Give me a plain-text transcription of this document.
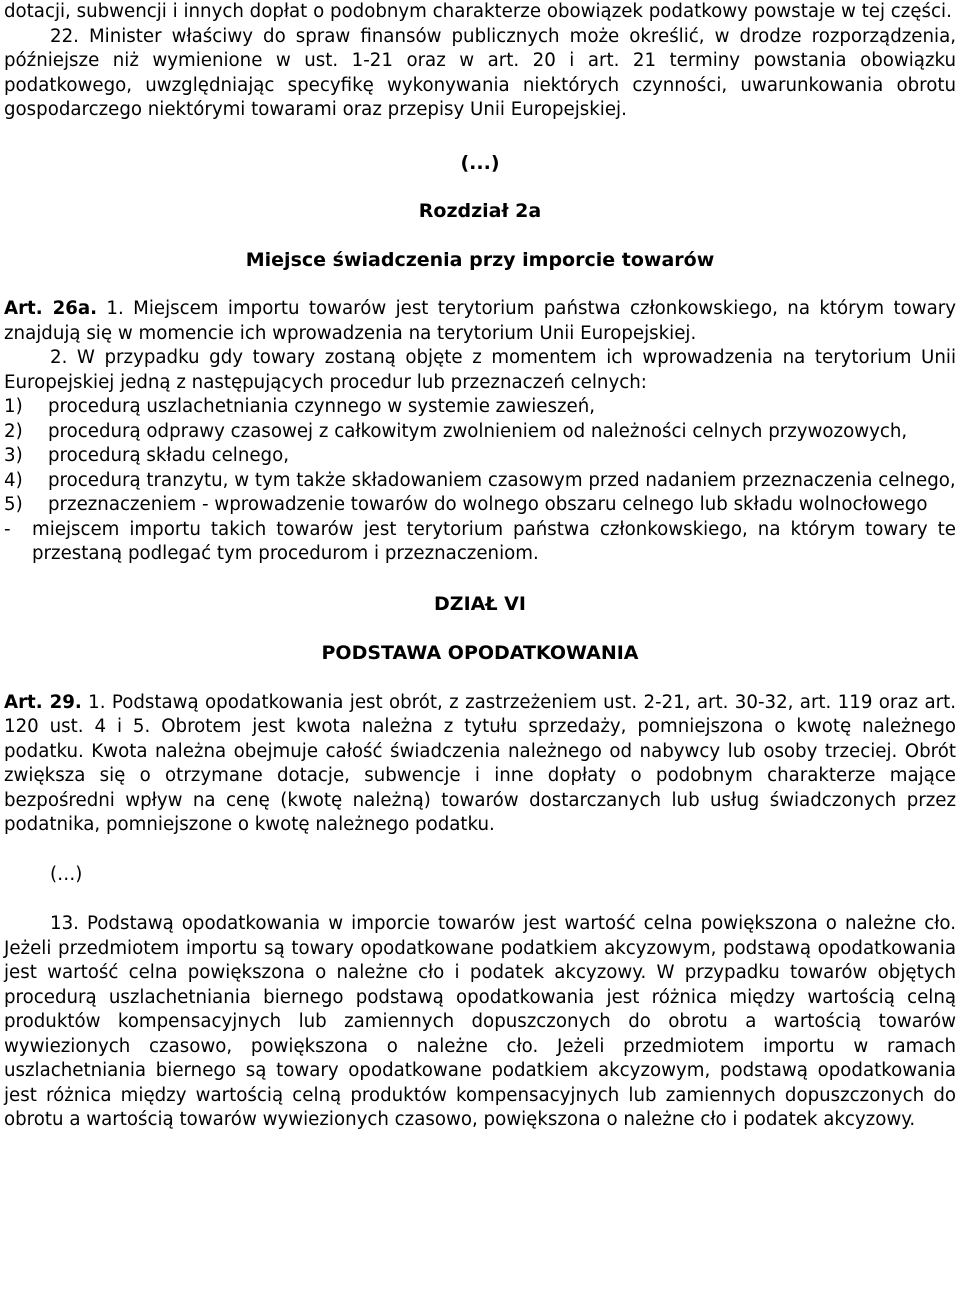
dotacji, subwencji i innych dopłat o podobnym charakterze obowiązek podatkowy powstaje w tej części.

22. Minister właściwy do spraw finansów publicznych może określić, w drodze rozporządzenia, późniejsze niż wymienione w ust. 1-21 oraz w art. 20 i art. 21 terminy powstania obowiązku podatkowego, uwzględniając specyfikę wykonywania niektórych czynności, uwarunkowania obrotu gospodarczego niektórymi towarami oraz przepisy Unii Europejskiej.

(...)

Rozdział 2a

Miejsce świadczenia przy imporcie towarów

Art. 26a. 1. Miejscem importu towarów jest terytorium państwa członkowskiego, na którym towary znajdują się w momencie ich wprowadzenia na terytorium Unii Europejskiej.

2. W przypadku gdy towary zostaną objęte z momentem ich wprowadzenia na terytorium Unii Europejskiej jedną z następujących procedur lub przeznaczeń celnych:

1)	procedurą uszlachetniania czynnego w systemie zawieszeń,
2)	procedurą odprawy czasowej z całkowitym zwolnieniem od należności celnych przywozowych,
3)	procedurą składu celnego,
4)	procedurą tranzytu, w tym także składowaniem czasowym przed nadaniem przeznaczenia celnego,
5)	przeznaczeniem - wprowadzenie towarów do wolnego obszaru celnego lub składu wolnocłowego
-	miejscem importu takich towarów jest terytorium państwa członkowskiego, na którym towary te przestaną podlegać tym procedurom i przeznaczeniom.

DZIAŁ VI

PODSTAWA OPODATKOWANIA

Art. 29. 1. Podstawą opodatkowania jest obrót, z zastrzeżeniem ust. 2-21, art. 30-32, art. 119 oraz art. 120 ust. 4 i 5. Obrotem jest kwota należna z tytułu sprzedaży, pomniejszona o kwotę należnego podatku. Kwota należna obejmuje całość świadczenia należnego od nabywcy lub osoby trzeciej. Obrót zwiększa się o otrzymane dotacje, subwencje i inne dopłaty o podobnym charakterze mające bezpośredni wpływ na cenę (kwotę należną) towarów dostarczanych lub usług świadczonych przez podatnika, pomniejszone o kwotę należnego podatku.

(…)

13. Podstawą opodatkowania w imporcie towarów jest wartość celna powiększona o należne cło. Jeżeli przedmiotem importu są towary opodatkowane podatkiem akcyzowym, podstawą opodatkowania jest wartość celna powiększona o należne cło i podatek akcyzowy. W przypadku towarów objętych procedurą uszlachetniania biernego podstawą opodatkowania jest różnica między wartością celną produktów kompensacyjnych lub zamiennych dopuszczonych do obrotu a wartością towarów wywiezionych czasowo, powiększona o należne cło. Jeżeli przedmiotem importu w ramach uszlachetniania biernego są towary opodatkowane podatkiem akcyzowym, podstawą opodatkowania jest różnica między wartością celną produktów kompensacyjnych lub zamiennych dopuszczonych do obrotu a wartością towarów wywiezionych czasowo, powiększona o należne cło i podatek akcyzowy.
